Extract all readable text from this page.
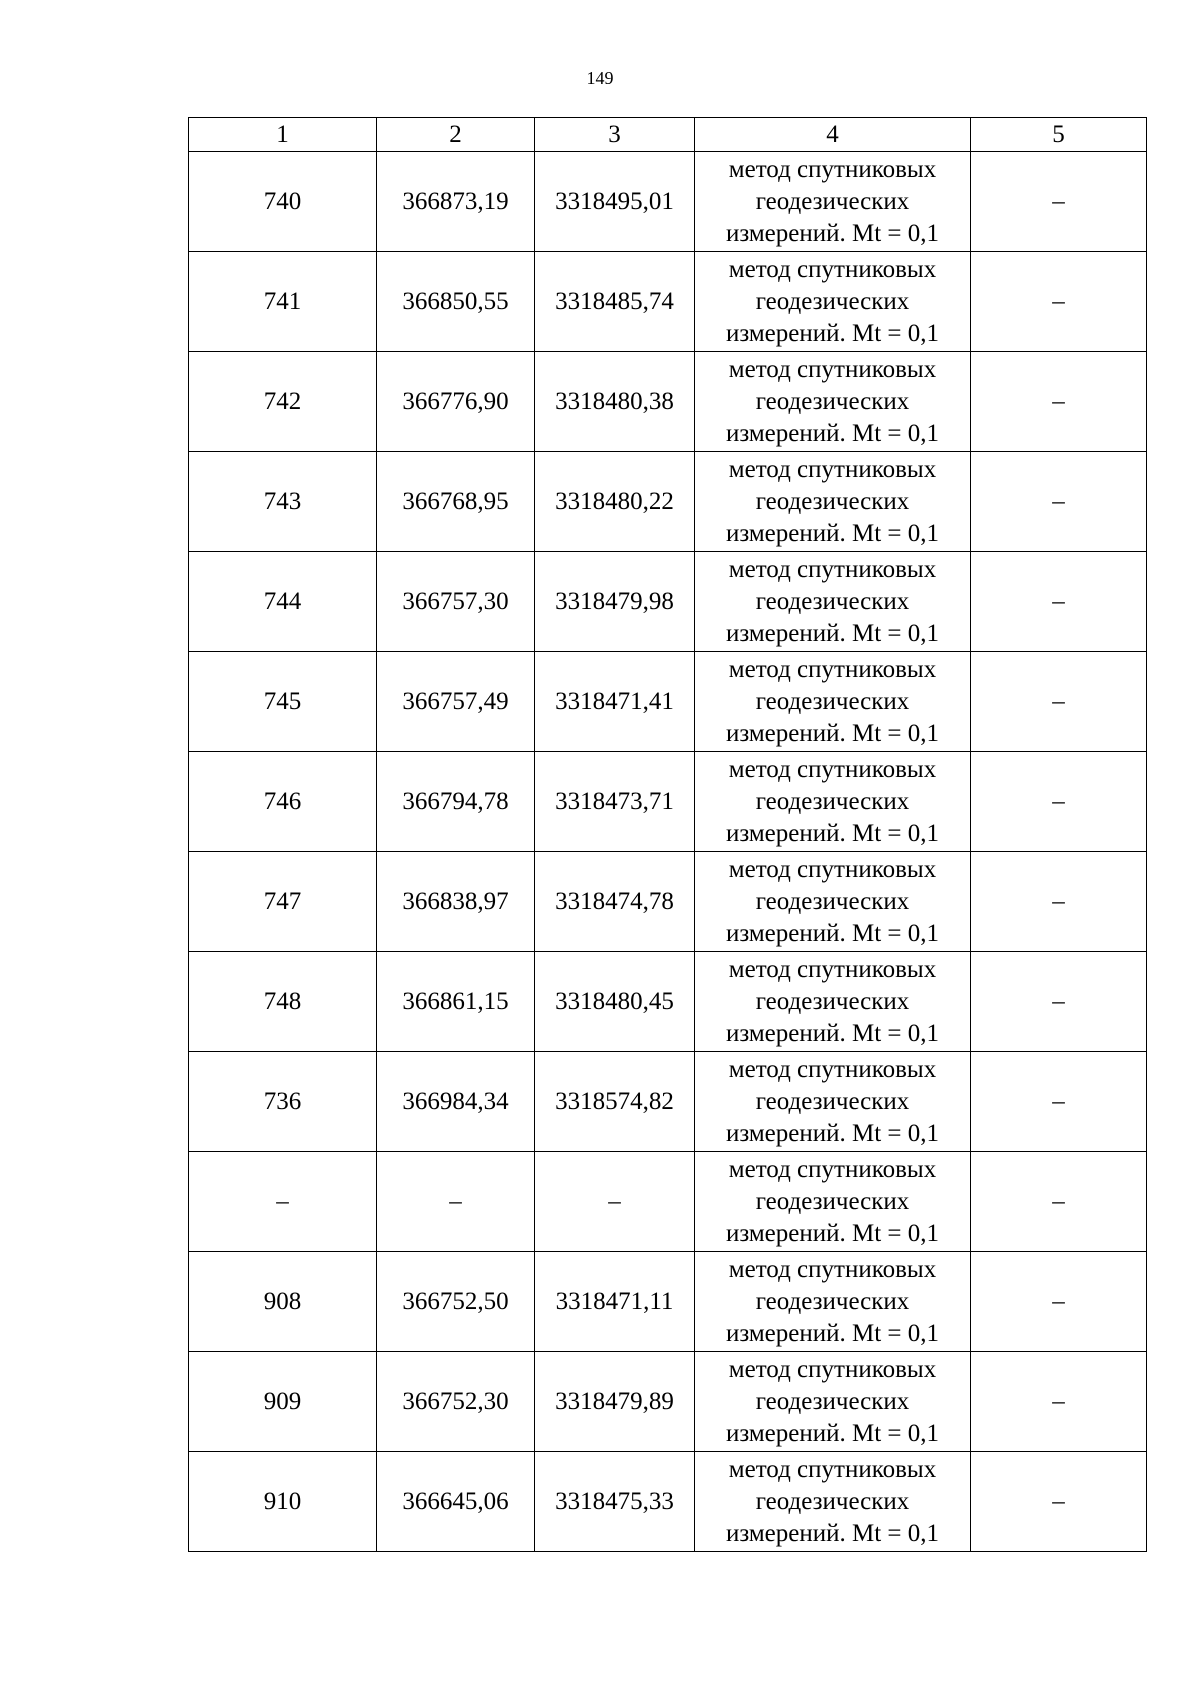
149
1	2	3	4	5
740	366873,19	3318495,01	метод спутниковых
геодезических
измерений. Mt = 0,1	–
741	366850,55	3318485,74	метод спутниковых
геодезических
измерений. Mt = 0,1	–
742	366776,90	3318480,38	метод спутниковых
геодезических
измерений. Mt = 0,1	–
743	366768,95	3318480,22	метод спутниковых
геодезических
измерений. Mt = 0,1	–
744	366757,30	3318479,98	метод спутниковых
геодезических
измерений. Mt = 0,1	–
745	366757,49	3318471,41	метод спутниковых
геодезических
измерений. Mt = 0,1	–
746	366794,78	3318473,71	метод спутниковых
геодезических
измерений. Mt = 0,1	–
747	366838,97	3318474,78	метод спутниковых
геодезических
измерений. Mt = 0,1	–
748	366861,15	3318480,45	метод спутниковых
геодезических
измерений. Mt = 0,1	–
736	366984,34	3318574,82	метод спутниковых
геодезических
измерений. Mt = 0,1	–
–	–	–	метод спутниковых
геодезических
измерений. Mt = 0,1	–
908	366752,50	3318471,11	метод спутниковых
геодезических
измерений. Mt = 0,1	–
909	366752,30	3318479,89	метод спутниковых
геодезических
измерений. Mt = 0,1	–
910	366645,06	3318475,33	метод спутниковых
геодезических
измерений. Mt = 0,1	–
